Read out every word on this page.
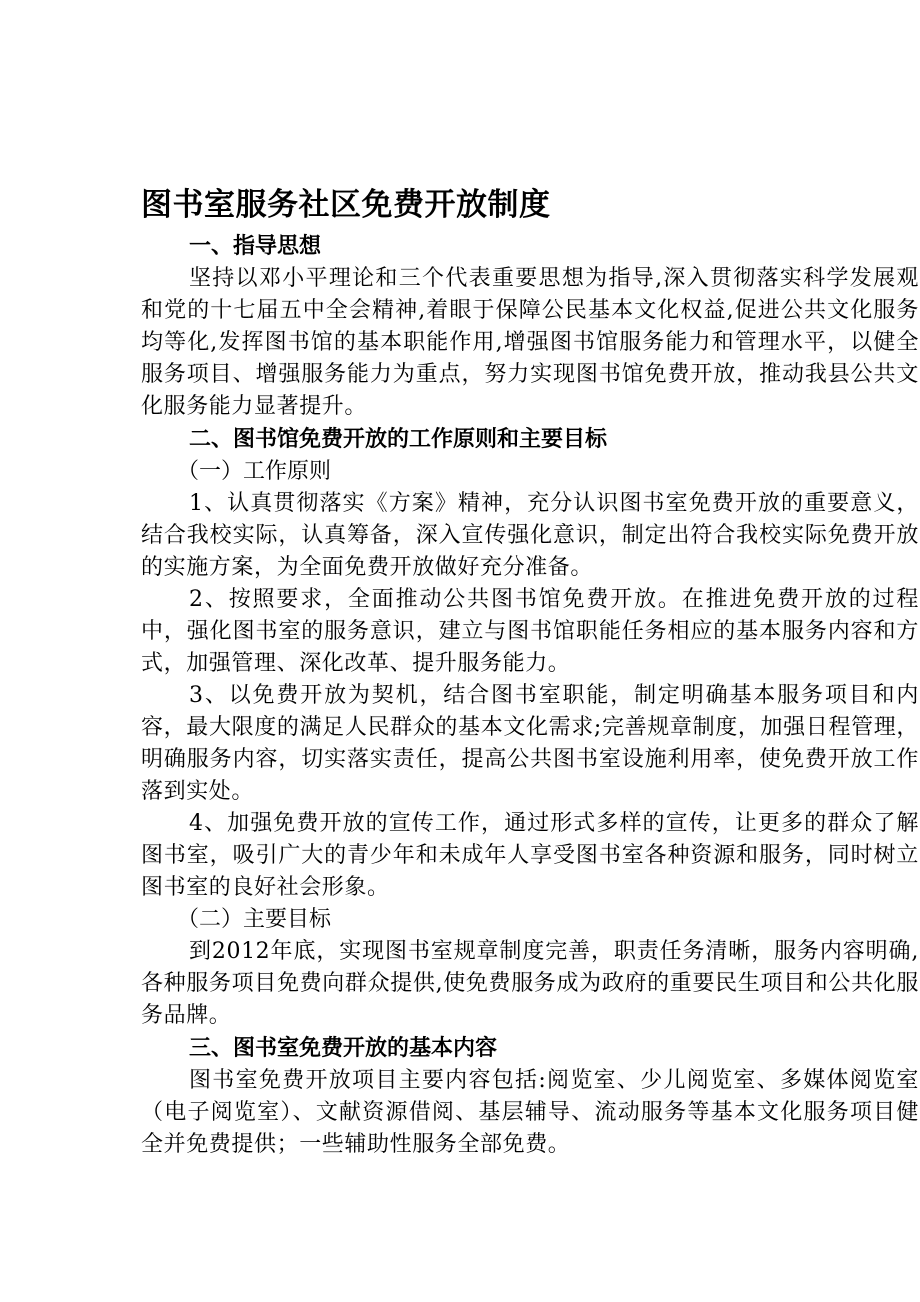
图书室服务社区免费开放制度

一、指导思想

坚持以邓小平理论和三个代表重要思想为指导,深入贯彻落实科学发展观和党的十七届五中全会精神,着眼于保障公民基本文化权益,促进公共文化服务均等化,发挥图书馆的基本职能作用,增强图书馆服务能力和管理水平，以健全服务项目、增强服务能力为重点，努力实现图书馆免费开放，推动我县公共文化服务能力显著提升。

二、图书馆免费开放的工作原则和主要目标

（一）工作原则

1、认真贯彻落实《方案》精神，充分认识图书室免费开放的重要意义，结合我校实际，认真筹备，深入宣传强化意识，制定出符合我校实际免费开放的实施方案，为全面免费开放做好充分准备。

2、按照要求，全面推动公共图书馆免费开放。在推进免费开放的过程中，强化图书室的服务意识，建立与图书馆职能任务相应的基本服务内容和方式，加强管理、深化改革、提升服务能力。

3、以免费开放为契机，结合图书室职能，制定明确基本服务项目和内容，最大限度的满足人民群众的基本文化需求;完善规章制度，加强日程管理，明确服务内容，切实落实责任，提高公共图书室设施利用率，使免费开放工作落到实处。

4、加强免费开放的宣传工作，通过形式多样的宣传，让更多的群众了解图书室，吸引广大的青少年和未成年人享受图书室各种资源和服务，同时树立图书室的良好社会形象。

（二）主要目标

到2012年底，实现图书室规章制度完善，职责任务清晰，服务内容明确,各种服务项目免费向群众提供,使免费服务成为政府的重要民生项目和公共化服务品牌。

三、图书室免费开放的基本内容

图书室免费开放项目主要内容包括:阅览室、少儿阅览室、多媒体阅览室（电子阅览室）、文献资源借阅、基层辅导、流动服务等基本文化服务项目健全并免费提供；一些辅助性服务全部免费。
